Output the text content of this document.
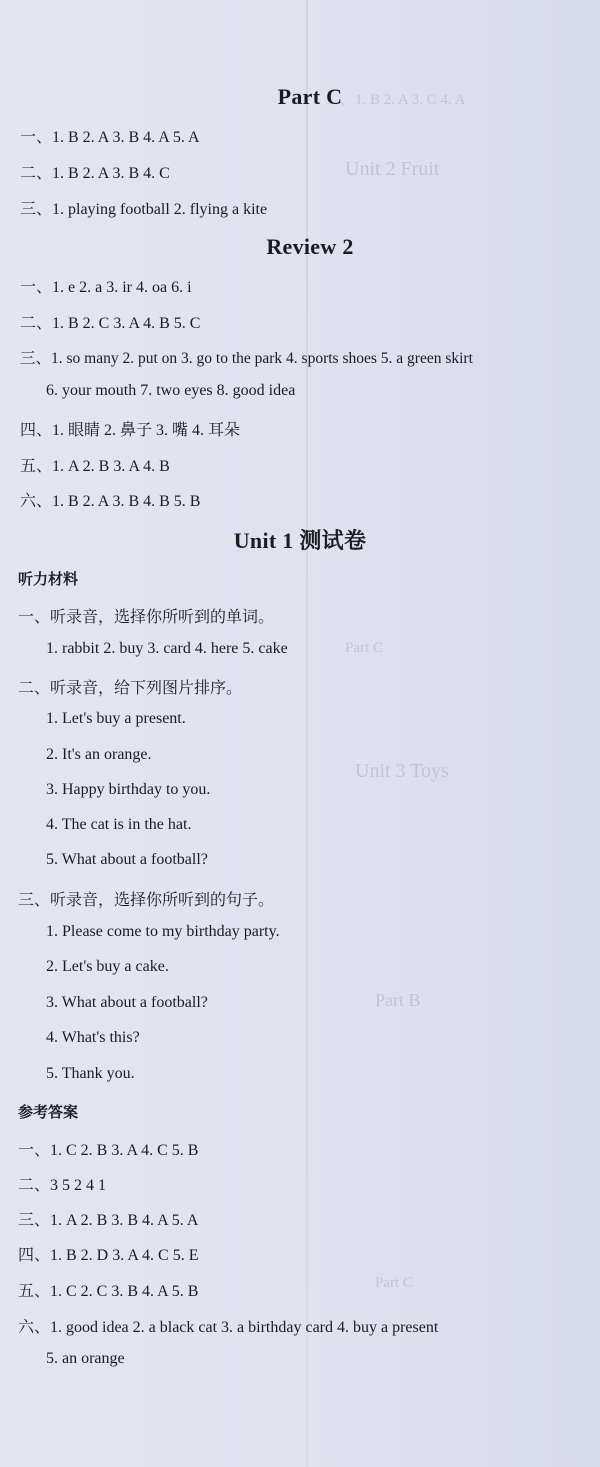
二、1. B 2. A 3. C 4. A
Unit 2 Fruit
Part C
Unit 3 Toys
Part B
Part C
Part C
一、1. B 2. A 3. B 4. A 5. A
二、1. B 2. A 3. B 4. C
三、1. playing football 2. flying a kite
Review 2
一、1. e 2. a 3. ir 4. oa 6. i
二、1. B 2. C 3. A 4. B 5. C
三、1. so many 2. put on 3. go to the park 4. sports shoes 5. a green skirt
6. your mouth 7. two eyes 8. good idea
四、1. 眼睛 2. 鼻子 3. 嘴 4. 耳朵
五、1. A 2. B 3. A 4. B
六、1. B 2. A 3. B 4. B 5. B
Unit 1 测试卷
听力材料
一、听录音，选择你所听到的单词。
1. rabbit 2. buy 3. card 4. here 5. cake
二、听录音，给下列图片排序。
1. Let's buy a present.
2. It's an orange.
3. Happy birthday to you.
4. The cat is in the hat.
5. What about a football?
三、听录音，选择你所听到的句子。
1. Please come to my birthday party.
2. Let's buy a cake.
3. What about a football?
4. What's this?
5. Thank you.
参考答案
一、1. C 2. B 3. A 4. C 5. B
二、3 5 2 4 1
三、1. A 2. B 3. B 4. A 5. A
四、1. B 2. D 3. A 4. C 5. E
五、1. C 2. C 3. B 4. A 5. B
六、1. good idea 2. a black cat 3. a birthday card 4. buy a present
5. an orange
